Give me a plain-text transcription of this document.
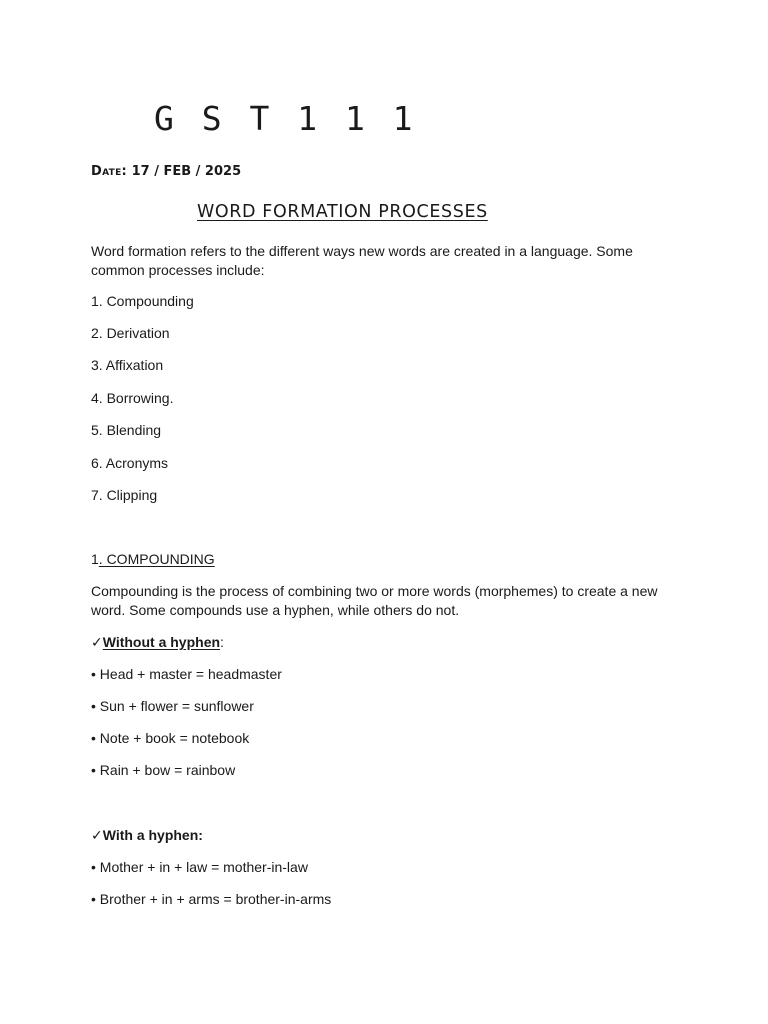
G S T 1 1 1
Date: 17 / FEB / 2025
WORD FORMATION PROCESSES
Word formation refers to the different ways new words are created in a language. Some
common processes include:
1. Compounding
2. Derivation
3. Affixation
4. Borrowing.
5. Blending
6. Acronyms
7. Clipping
1. COMPOUNDING
Compounding is the process of combining two or more words (morphemes) to create a new
word. Some compounds use a hyphen, while others do not.
✓Without a hyphen:
• Head + master = headmaster
• Sun + flower = sunflower
• Note + book = notebook
• Rain + bow = rainbow
✓With a hyphen:
• Mother + in + law = mother-in-law
• Brother + in + arms = brother-in-arms
